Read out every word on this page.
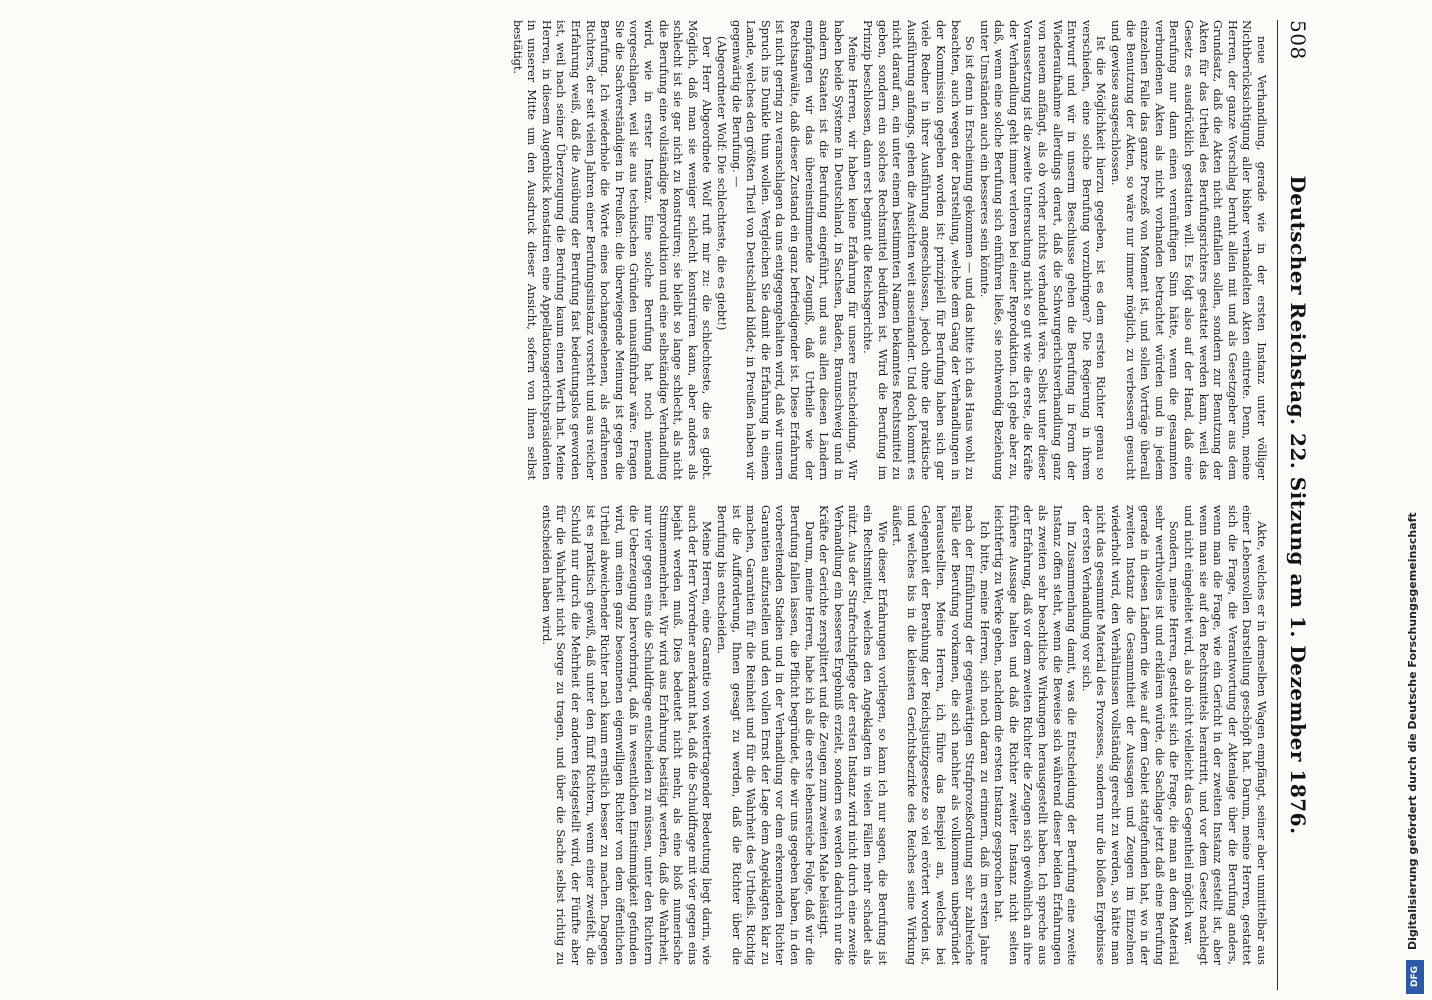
508
Deutscher Reichstag. 22. Sitzung am 1. Dezember 1876.

neue Verhandlung, gerade wie in der ersten Instanz unter völliger Nichtberücksichtigung aller bisher verhandelten Akten eintrete. Denn, meine Herren, der ganze Vorschlag beruht allein mit und als Gesetzgeber aus dem Grundsatz, daß die Akten nicht entfallen sollen, sondern zur Benutzung der Akten für das Urtheil des Berufungsrichters gestattet werden kann, weil das Gesetz es ausdrücklich gestatten will. Es folgt also auf der Hand, daß eine Berufung nur dann einen vernünftigen Sinn hätte, wenn die gesammten verbundenen Akten als nicht vorhanden betrachtet würden und in jedem einzelnen Falle das ganze Prozeß von Moment ist, und sollen Vorträge überall die Benutzung der Akten, so wäre nur immer möglich, zu verbessern gesucht und gewisse ausgeschlossen.

Ist die Möglichkeit hierzu gegeben, ist es dem ersten Richter genau so verschieden, eine solche Berufung vorzubringen? Die Regierung in ihrem Entwurf und wir in unserm Beschlusse gehen die Berufung in Form der Wiederaufnahme allerdings derart, daß die Schwurgerichtsverhandlung ganz von neuem anfängt, als ob vorher nichts verhandelt wäre. Selbst unter dieser Voraussetzung ist die zweite Untersuchung nicht so gut wie die erste, die Kräfte der Verhandlung geht immer verloren bei einer Reproduktion. Ich gebe aber zu, daß, wenn eine solche Berufung sich einführen ließe, sie nothwendig Beziehung unter Umständen auch ein besseres sein könnte.

So ist denn in Erscheinung gekommen — und das bitte ich das Haus wohl zu beachten, auch wegen der Darstellung, welche dem Gang der Verhandlungen in der Kommission gegeben worden ist: prinzipiell für Berufung haben sich gar viele Redner in ihrer Ausführung angeschlossen, jedoch ohne die praktische Ausführung anfangs, gehen die Ansichten weit auseinander. Und doch kommt es nicht darauf an, ein unter einem bestimmten Namen bekanntes Rechtsmittel zu geben, sondern ein solches Rechtsmittel bedürfen ist. Wird die Berufung im Prinzip beschlossen, dann erst beginnt die Reichsgerichte.

Meine Herren, wir haben keine Erfahrung für unsere Entscheidung. Wir haben beide Systeme in Deutschland, in Sachsen, Baden, Braunschweig und in andern Staaten ist die Berufung eingeführt, und aus allen diesen Ländern empfangen wir das übereinstimmende Zeugniß, daß Urtheile wie der Rechtsanwälte, daß dieser Zustand ein ganz befriedigender ist. Diese Erfahrung ist nicht gering zu veranschlagen da uns entgegengehalten wird, daß wir unsern Spruch ins Dunkle thun wollen. Vergleichen Sie damit die Erfahrung in einem Lande, welches den größten Theil von Deutschland bildet; in Preußen haben wir gegenwärtig die Berufung. —

(Abgeordneter Wolf: Die schlechteste, die es giebt!)

Der Herr Abgeordnete Wolf ruft mir zu: die schlechteste, die es giebt. Möglich, daß man sie weniger schlecht konstruiren kann, aber anders als schlecht ist sie gar nicht zu konstruiren; sie bleibt so lange schlecht, als nicht die Berufung eine vollständige Reproduktion und eine selbständige Verhandlung wird, wie in erster Instanz. Eine solche Berufung hat noch niemand vorgeschlagen, weil sie aus technischen Gründen unausführbar wäre. Fragen Sie die Sachverständigen in Preußen: die überwiegende Meinung ist gegen die Berufung. Ich wiederhole die Worte eines hochangesehenen, als erfahrenen Richters, der seit vielen Jahren einer Berufungsinstanz vorsteht und aus reicher Erfahrung weiß, daß die Ausübung der Berufung fast bedeutungslos geworden ist, weil nach seiner Überzeugung die Berufung kaum einen Werth hat. Meine Herren, in diesem Augenblick konstatiren eine Appellationsgerichtspräsidenten in unserer Mitte um den Ausdruck dieser Ansicht, sofern von ihnen selbst bestätigt.

Akte, welches er in demselben Wagen empfängt, seiner aber unmittelbar aus einer Lebensvollen Darstellung geschöpft hat. Darum, meine Herren, gestattet sich die Frage, die Verantwortung der Aktenlage über die Berufung anders, wenn man die Frage, wie ein Gericht in der zweiten Instanz gestellt ist, aber wenn man sie auf den Rechtsmittels herantritt, und vor dem Gesetz nachlegt und nicht eingeleitet wird, als ob nicht vielleicht das Gegentheil möglich war.

Sondern, meine Herren, gestattet sich die Frage, die man an dem Material sehr werthvolles ist und erklären würde, die Sachlage jetzt daß eine Berufung gerade in diesen Ländern die wie auf dem Gebiet stattgefunden hat, wo in der zweiten Instanz die Gesammtheit der Aussagen und Zeugen im Einzelnen wiederholt wird, den Verhältnissen vollständig gerecht zu werden, so hätte man nicht das gesammte Material des Prozesses, sondern nur die bloßen Ergebnisse der ersten Verhandlung vor sich.

Im Zusammenhang damit, was die Entscheidung der Berufung eine zweite Instanz offen steht, wenn die Beweise sich während dieser beiden Erfahrungen als zweiten sehr beachtliche Wirkungen herausgestellt haben. Ich spreche aus der Erfahrung, daß vor dem zweiten Richter die Zeugen sich gewöhnlich an ihre frühere Aussage halten und daß die Richter zweiter Instanz nicht selten leichtfertig zu Werke gehen, nachdem die ersten Instanz gesprochen hat.

Ich bitte, meine Herren, sich noch daran zu erinnern, daß im ersten Jahre nach der Einführung der gegenwärtigen Strafprozeßordnung sehr zahlreiche Fälle der Berufung vorkamen, die sich nachher als vollkommen unbegründet herausstellten. Meine Herren, ich führe das Beispiel an, welches bei Gelegenheit der Berathung der Reichsjustizgesetze so viel erörtert worden ist, und welches bis in die kleinsten Gerichtsbezirke des Reiches seine Wirkung äußert.

Wie dieser Erfahrungen vorliegen, so kann ich nur sagen, die Berufung ist ein Rechtsmittel, welches den Angeklagten in vielen Fällen mehr schadet als nützt. Aus der Strafrechtspflege der ersten Instanz wird nicht durch eine zweite Verhandlung ein besseres Ergebniß erzielt, sondern es werden dadurch nur die Kräfte der Gerichte zersplittert und die Zeugen zum zweiten Male belästigt.

Darum, meine Herren, habe ich als die erste lebensreiche Folge, daß wir die Berufung fallen lassen, die Pflicht begründet, die wir uns gegeben haben, in den vorbereitenden Stadien und in der Verhandlung vor dem erkennenden Richter Garantien aufzustellen und den vollen Ernst der Lage dem Angeklagten klar zu machen, Garantien für die Reinheit und für die Wahrheit des Urtheils. Richtig ist die Aufforderung, Ihnen gesagt zu werden, daß die Richter über die Berufung bis entscheiden.

Meine Herren, eine Garantie von weitertragender Bedeutung liegt darin, wie auch der Herr Vorredner anerkannt hat, daß die Schuldfrage mit vier gegen eins bejaht werden muß. Dies bedeutet nicht mehr, als eine bloß numerische Stimmenmehrheit. Wir wird aus Erfahrung bestätigt werden, daß die Wahrheit, nur vier gegen eins die Schuldfrage entscheiden zu müssen, unter den Richtern die Ueberzeugung hervorbringt, daß in wesentlichen Einstimmigkeit gefunden wird, um einen ganz besonnenen eigenwilligen Richter von dem öffentlichen Urtheil abweichender Richter nach kaum ernstlich besser zu machen. Dagegen ist es praktisch gewiß, daß unter den fünf Richtern, wenn einer zweifelt, die Schuld nur durch die Mehrheit der anderen festgestellt wird, der Fünfte aber für die Wahrheit nicht Sorge zu tragen, und über die Sache selbst richtig zu entscheiden haben wird.	Digitalisierung gefördert durch die Deutsche Forschungsgemeinschaft
DFG
